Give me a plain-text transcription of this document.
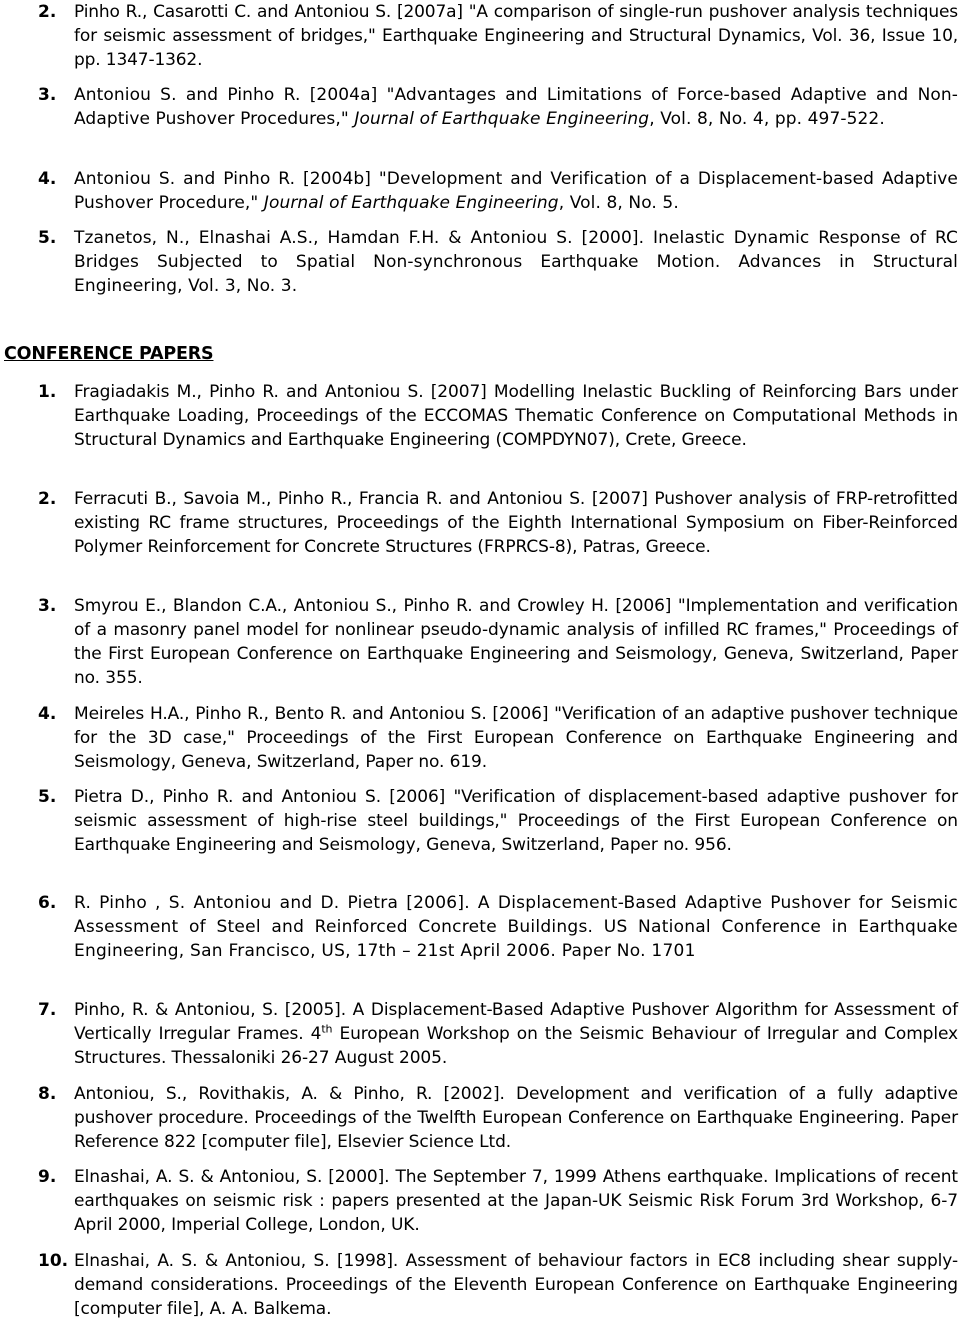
2.	Pinho R., Casarotti C. and Antoniou S. [2007a] "A comparison of single-run pushover analysis techniques for seismic assessment of bridges," Earthquake Engineering and Structural Dynamics, Vol. 36, Issue 10, pp. 1347-1362.
3.	Antoniou S. and Pinho R. [2004a] "Advantages and Limitations of Force-based Adaptive and Non-Adaptive Pushover Procedures," Journal of Earthquake Engineering, Vol. 8, No. 4, pp. 497-522.
4.	Antoniou S. and Pinho R. [2004b] "Development and Verification of a Displacement-based Adaptive Pushover Procedure," Journal of Earthquake Engineering, Vol. 8, No. 5.
5.	Tzanetos, N., Elnashai A.S., Hamdan F.H. & Antoniou S. [2000]. Inelastic Dynamic Response of RC Bridges Subjected to Spatial Non-synchronous Earthquake Motion. Advances in Structural Engineering, Vol. 3, No. 3.
CONFERENCE PAPERS
1.	Fragiadakis M., Pinho R. and Antoniou S. [2007] Modelling Inelastic Buckling of Reinforcing Bars under Earthquake Loading, Proceedings of the ECCOMAS Thematic Conference on Computational Methods in Structural Dynamics and Earthquake Engineering (COMPDYN07), Crete, Greece.
2.	Ferracuti B., Savoia M., Pinho R., Francia R. and Antoniou S. [2007] Pushover analysis of FRP-retrofitted existing RC frame structures, Proceedings of the Eighth International Symposium on Fiber-Reinforced Polymer Reinforcement for Concrete Structures (FRPRCS-8), Patras, Greece.
3.	Smyrou E., Blandon C.A., Antoniou S., Pinho R. and Crowley H. [2006] "Implementation and verification of a masonry panel model for nonlinear pseudo-dynamic analysis of infilled RC frames," Proceedings of the First European Conference on Earthquake Engineering and Seismology, Geneva, Switzerland, Paper no. 355.
4.	Meireles H.A., Pinho R., Bento R. and Antoniou S. [2006] "Verification of an adaptive pushover technique for the 3D case," Proceedings of the First European Conference on Earthquake Engineering and Seismology, Geneva, Switzerland, Paper no. 619.
5.	Pietra D., Pinho R. and Antoniou S. [2006] "Verification of displacement-based adaptive pushover for seismic assessment of high-rise steel buildings," Proceedings of the First European Conference on Earthquake Engineering and Seismology, Geneva, Switzerland, Paper no. 956.
6.	R. Pinho , S. Antoniou and D. Pietra [2006]. A Displacement-Based Adaptive Pushover for Seismic Assessment of Steel and Reinforced Concrete Buildings. US National Conference in Earthquake Engineering, San Francisco, US, 17th – 21st April 2006. Paper No. 1701
7.	Pinho, R. & Antoniou, S. [2005]. A Displacement-Based Adaptive Pushover Algorithm for Assessment of Vertically Irregular Frames. 4th European Workshop on the Seismic Behaviour of Irregular and Complex Structures. Thessaloniki 26-27 August 2005.
8.	Antoniou, S., Rovithakis, A. & Pinho, R. [2002]. Development and verification of a fully adaptive pushover procedure. Proceedings of the Twelfth European Conference on Earthquake Engineering. Paper Reference 822 [computer file], Elsevier Science Ltd.
9.	Elnashai, A. S. & Antoniou, S. [2000]. The September 7, 1999 Athens earthquake. Implications of recent earthquakes on seismic risk : papers presented at the Japan-UK Seismic Risk Forum 3rd Workshop, 6-7 April 2000, Imperial College, London, UK.
10. Elnashai, A. S. & Antoniou, S. [1998]. Assessment of behaviour factors in EC8 including shear supply-demand considerations. Proceedings of the Eleventh European Conference on Earthquake Engineering [computer file], A. A. Balkema.
